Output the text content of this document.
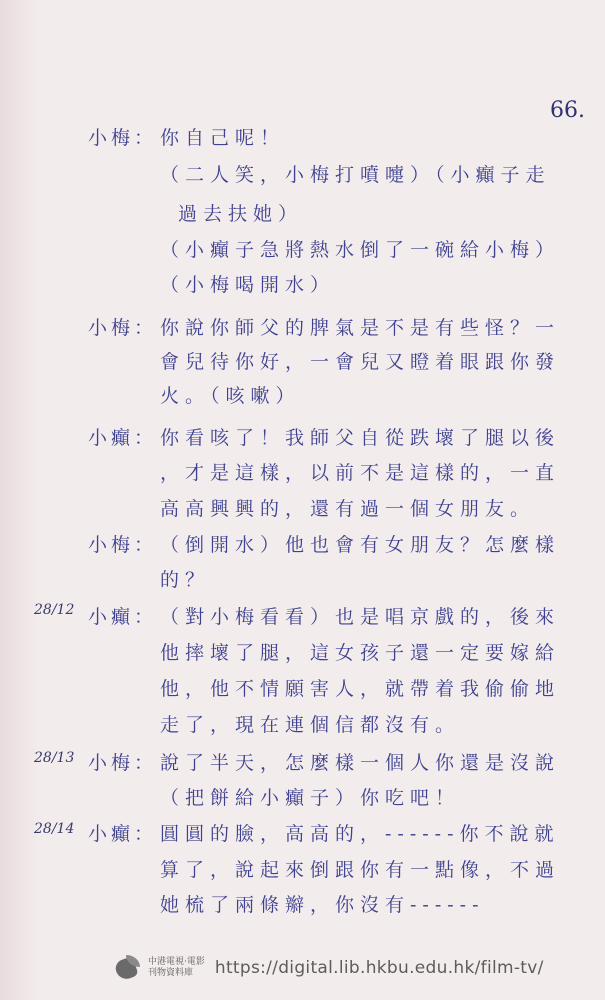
66.
小梅：
小梅：
小癲：
小梅：
小癲：
小梅：
小癲：
28/12
28/13
28/14
你自己呢！
（二人笑，小梅打噴嚏）（小癲子走
過去扶她）
（小癲子急將熱水倒了一碗給小梅）
（小梅喝開水）
你說你師父的脾氣是不是有些怪？一
會兒待你好，一會兒又瞪着眼跟你發
火。（咳嗽）
你看咳了！我師父自從跌壞了腿以後
，才是這樣，以前不是這樣的，一直
高高興興的，還有過一個女朋友。
（倒開水）他也會有女朋友？怎麼樣
的？
（對小梅看看）也是唱京戲的，後來
他摔壞了腿，這女孩子還一定要嫁給
他，他不情願害人，就帶着我偷偷地
走了，現在連個信都沒有。
說了半天，怎麼樣一個人你還是沒說
（把餅給小癲子）你吃吧！
圓圓的臉，高高的，------你不說就
算了，說起來倒跟你有一點像，不過
她梳了兩條辮，你沒有------
中港電視·電影
刊物資料庫	https://digital.lib.hkbu.edu.hk/film-tv/
